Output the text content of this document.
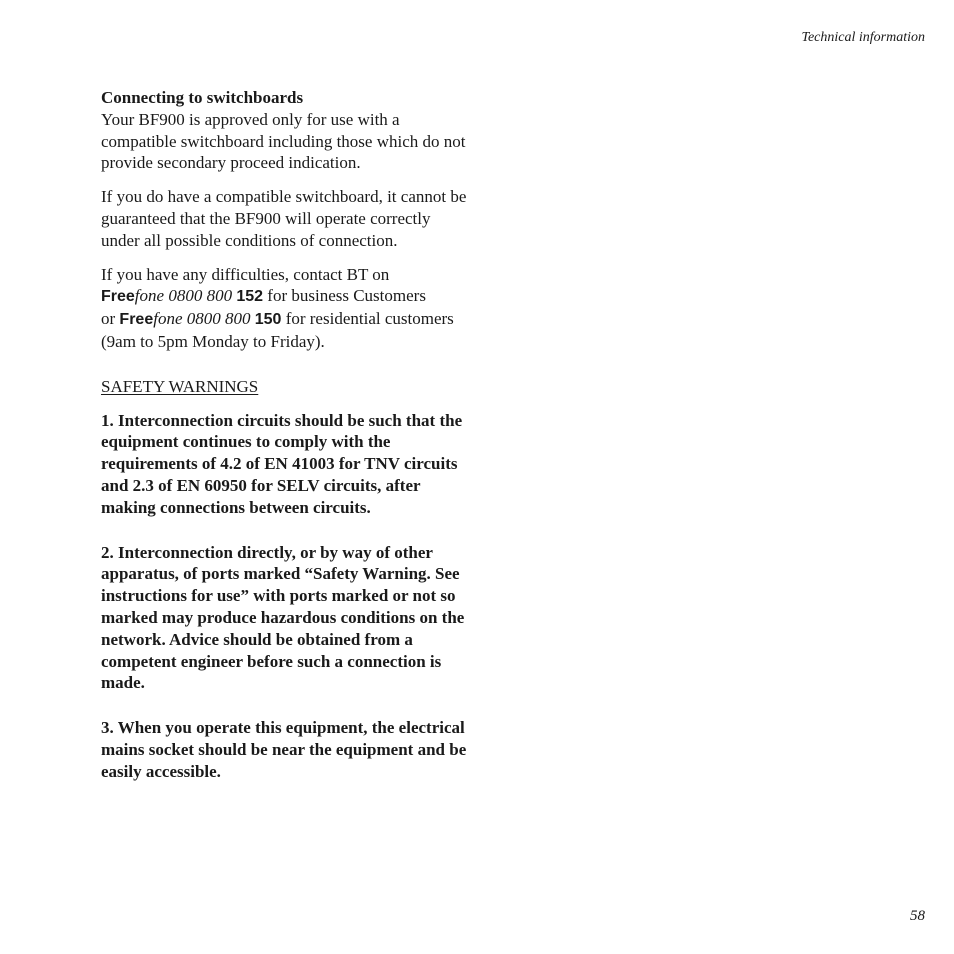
Technical information
Connecting to switchboards

Your BF900 is approved only for use with a compatible switchboard including those which do not provide secondary proceed indication.

If you do have a compatible switchboard, it cannot be guaranteed that the BF900 will operate correctly under all possible conditions of connection.

If you have any difficulties, contact BT on
Freefone 0800 800 152 for business Customers
or Freefone 0800 800 150 for residential customers (9am to 5pm Monday to Friday).

SAFETY WARNINGS

1. Interconnection circuits should be such that the equipment continues to comply with the requirements of 4.2 of EN 41003 for TNV circuits and 2.3 of EN 60950 for SELV circuits, after making connections between circuits.

2. Interconnection directly, or by way of other apparatus, of ports marked “Safety Warning. See instructions for use” with ports marked or not so marked may produce hazardous conditions on the network. Advice should be obtained from a competent engineer before such a connection is made.

3. When you operate this equipment, the electrical mains socket should be near the equipment and be easily accessible.

58
